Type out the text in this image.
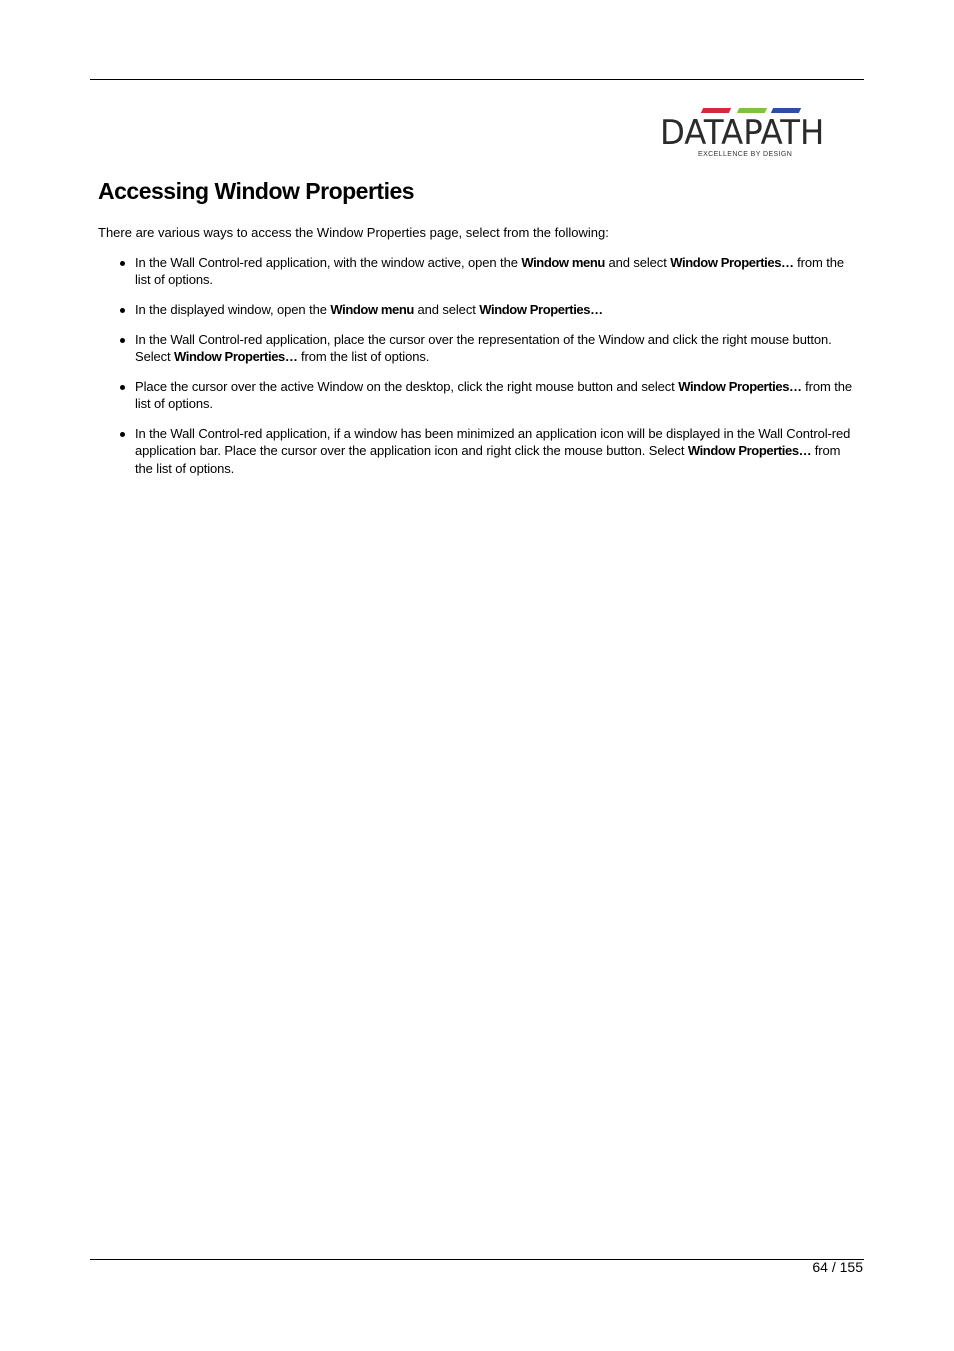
DATAPATH
EXCELLENCE BY DESIGN
Accessing Window Properties

There are various ways to access the Window Properties page, select from the following:

In the Wall Control-red application, with the window active, open the Window menu and select Window Properties… from the list of options.
In the displayed window, open the Window menu and select Window Properties…
In the Wall Control-red application, place the cursor over the representation of the Window and click the right mouse button. Select Window Properties… from the list of options.
Place the cursor over the active Window on the desktop, click the right mouse button and select Window Properties… from the list of options.
In the Wall Control-red application, if a window has been minimized an application icon will be displayed in the Wall Control-red application bar. Place the cursor over the application icon and right click the mouse button. Select Window Properties… from the list of options.
64 / 155
